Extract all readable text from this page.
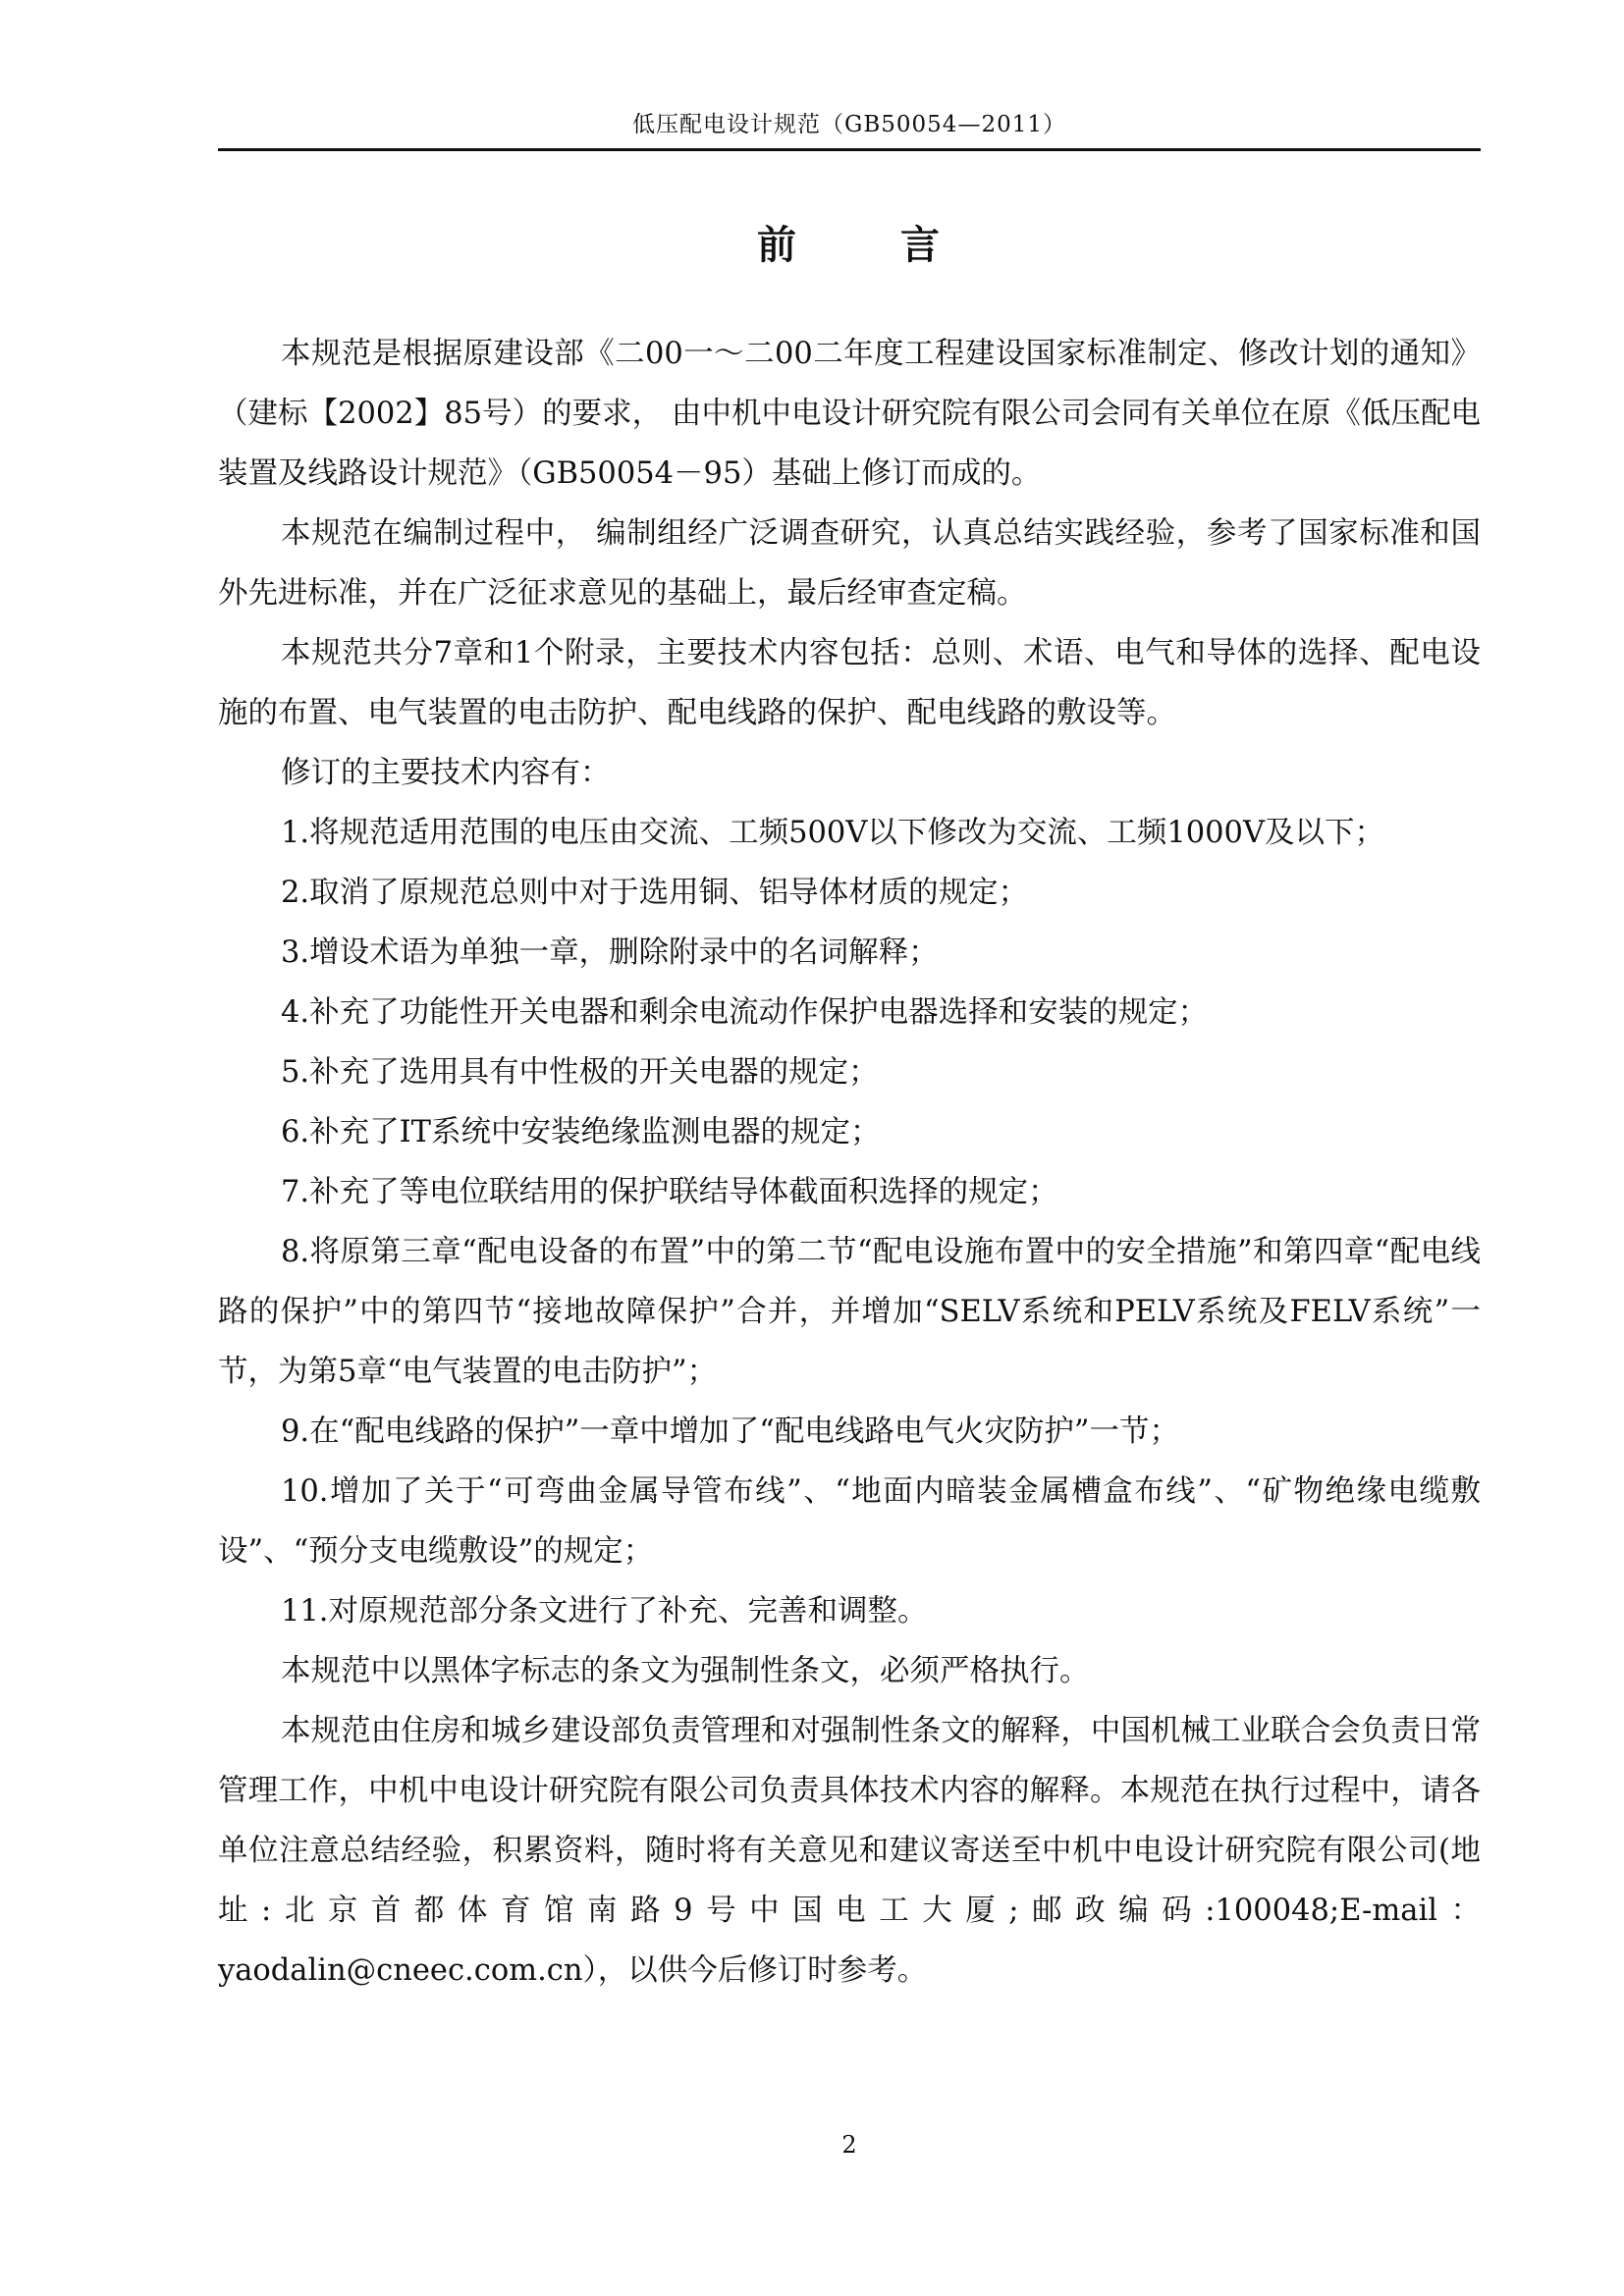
低压配电设计规范（GB50054—2011）
前	言

本规范是根据原建设部《二00一～二00二年度工程建设国家标准制定、修改计划的通知》（建标【2002】85号）的要求， 由中机中电设计研究院有限公司会同有关单位在原《低压配电装置及线路设计规范》（GB50054－95）基础上修订而成的。

本规范在编制过程中， 编制组经广泛调查研究，认真总结实践经验，参考了国家标准和国外先进标准，并在广泛征求意见的基础上，最后经审查定稿。

本规范共分7章和1个附录，主要技术内容包括：总则、术语、电气和导体的选择、配电设施的布置、电气装置的电击防护、配电线路的保护、配电线路的敷设等。

修订的主要技术内容有：

1.将规范适用范围的电压由交流、工频500V以下修改为交流、工频1000V及以下；

2.取消了原规范总则中对于选用铜、铝导体材质的规定；

3.增设术语为单独一章，删除附录中的名词解释；

4.补充了功能性开关电器和剩余电流动作保护电器选择和安装的规定；

5.补充了选用具有中性极的开关电器的规定；

6.补充了IT系统中安装绝缘监测电器的规定；

7.补充了等电位联结用的保护联结导体截面积选择的规定；

8.将原第三章“配电设备的布置”中的第二节“配电设施布置中的安全措施”和第四章“配电线路的保护”中的第四节“接地故障保护”合并，并增加“SELV系统和PELV系统及FELV系统”一节，为第5章“电气装置的电击防护”；

9.在“配电线路的保护”一章中增加了“配电线路电气火灾防护”一节；

10.增加了关于“可弯曲金属导管布线”、“地面内暗装金属槽盒布线”、“矿物绝缘电缆敷设”、“预分支电缆敷设”的规定；

11.对原规范部分条文进行了补充、完善和调整。

本规范中以黑体字标志的条文为强制性条文，必须严格执行。

本规范由住房和城乡建设部负责管理和对强制性条文的解释，中国机械工业联合会负责日常管理工作，中机中电设计研究院有限公司负责具体技术内容的解释。本规范在执行过程中，请各单位注意总结经验，积累资料，随时将有关意见和建议寄送至中机中电设计研究院有限公司(地址:北京首都体育馆南路9号中国电工大厦;邮政编码:100048;E-mail：yaodalin@cneec.com.cn），以供今后修订时参考。

2
